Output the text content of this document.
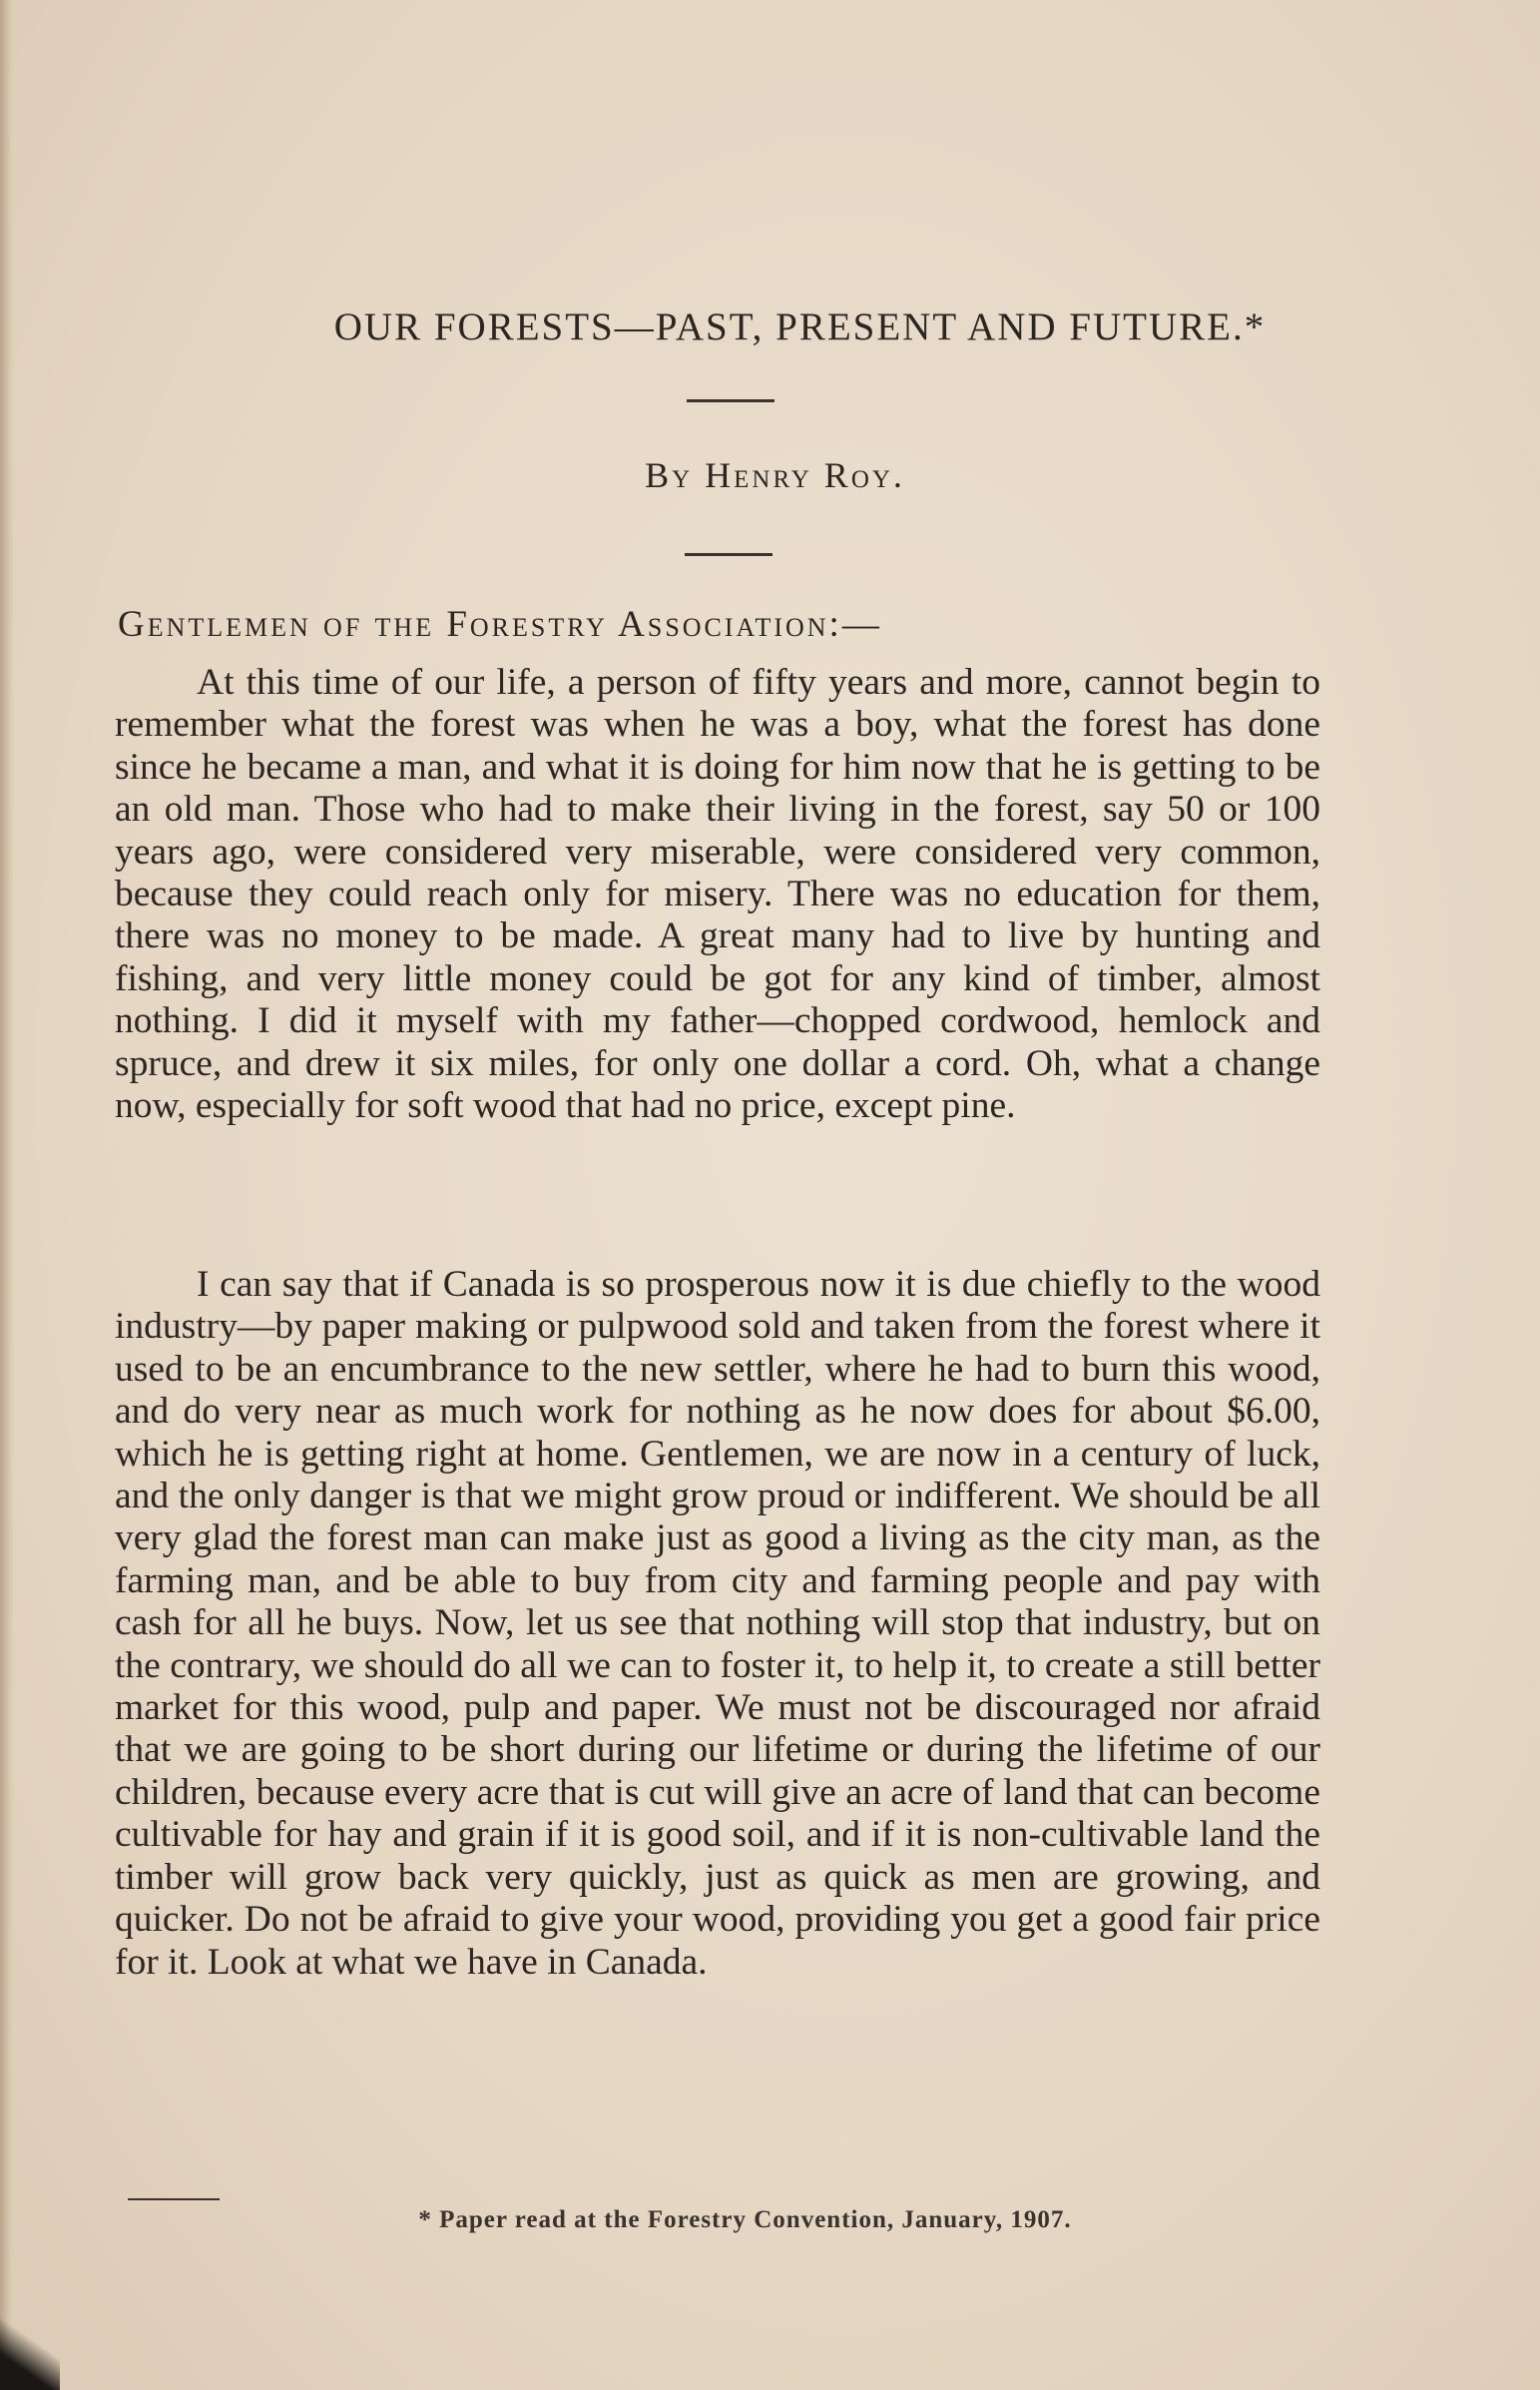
OUR FORESTS—PAST, PRESENT AND FUTURE.*
By Henry Roy.
Gentlemen of the Forestry Association:—

At this time of our life, a person of fifty years and more, cannot begin to remember what the forest was when he was a boy, what the forest has done since he became a man, and what it is doing for him now that he is getting to be an old man. Those who had to make their living in the forest, say 50 or 100 years ago, were considered very miserable, were considered very common, because they could reach only for misery. There was no education for them, there was no money to be made. A great many had to live by hunting and fishing, and very little money could be got for any kind of timber, almost nothing. I did it myself with my father—chopped cordwood, hemlock and spruce, and drew it six miles, for only one dollar a cord. Oh, what a change now, especially for soft wood that had no price, except pine.

I can say that if Canada is so prosperous now it is due chiefly to the wood industry—by paper making or pulpwood sold and taken from the forest where it used to be an encumbrance to the new settler, where he had to burn this wood, and do very near as much work for nothing as he now does for about $6.00, which he is getting right at home. Gentlemen, we are now in a century of luck, and the only danger is that we might grow proud or indifferent. We should be all very glad the forest man can make just as good a living as the city man, as the farming man, and be able to buy from city and farming people and pay with cash for all he buys. Now, let us see that nothing will stop that industry, but on the contrary, we should do all we can to foster it, to help it, to create a still better market for this wood, pulp and paper. We must not be discouraged nor afraid that we are going to be short during our lifetime or during the lifetime of our children, because every acre that is cut will give an acre of land that can become cultivable for hay and grain if it is good soil, and if it is non-cultivable land the timber will grow back very quickly, just as quick as men are growing, and quicker. Do not be afraid to give your wood, providing you get a good fair price for it. Look at what we have in Canada.

* Paper read at the Forestry Convention, January, 1907.
